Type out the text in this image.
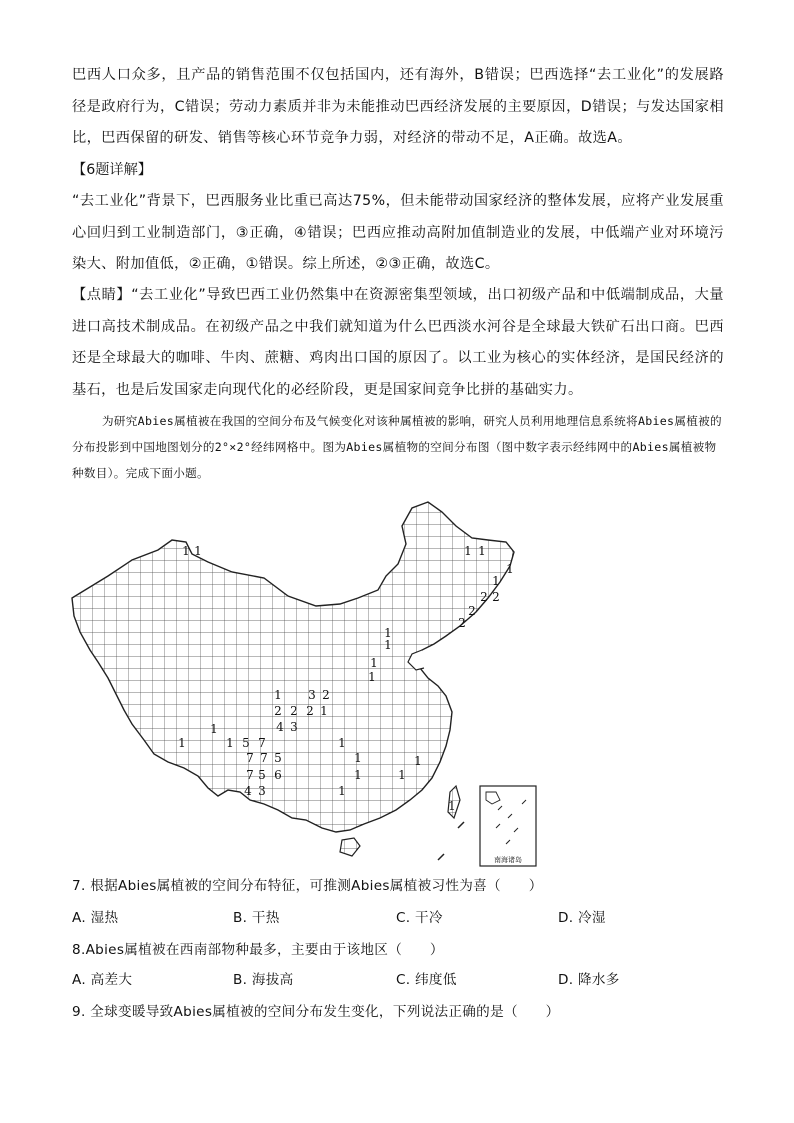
巴西人口众多，且产品的销售范围不仅包括国内，还有海外，B错误；巴西选择“去工业化”的发展路径是政府行为，C错误；劳动力素质并非为未能推动巴西经济发展的主要原因，D错误；与发达国家相比，巴西保留的研发、销售等核心环节竞争力弱，对经济的带动不足，A正确。故选A。
【6题详解】
“去工业化”背景下，巴西服务业比重已高达75%，但未能带动国家经济的整体发展，应将产业发展重心回归到工业制造部门，③正确，④错误；巴西应推动高附加值制造业的发展，中低端产业对环境污染大、附加值低，②正确，①错误。综上所述，②③正确，故选C。
【点睛】“去工业化”导致巴西工业仍然集中在资源密集型领域，出口初级产品和中低端制成品，大量进口高技术制成品。在初级产品之中我们就知道为什么巴西淡水河谷是全球最大铁矿石出口商。巴西还是全球最大的咖啡、牛肉、蔗糖、鸡肉出口国的原因了。以工业为核心的实体经济，是国民经济的基石，也是后发国家走向现代化的必经阶段，更是国家间竞争比拼的基础实力。
为研究Abies属植被在我国的空间分布及气候变化对该种属植被的影响，研究人员利用地理信息系统将Abies属植被的分布投影到中国地图划分的2°×2°经纬网格中。图为Abies属植物的空间分布图（图中数字表示经纬网中的Abies属植被物种数目）。完成下面小题。
南海诸岛
1 1	1 1
1
1
2 2
2
2
1
1
1
1
1 3 2
2 2 2 1
4 3
1
1	1 5 7
7 7 5
1
1
1
1
7 5 6	1
4 3	1
1
7. 根据Abies属植被的空间分布特征，可推测Abies属植被习性为喜（　　）
A. 湿热	B. 干热	C. 干冷	D. 冷湿
8.Abies属植被在西南部物种最多，主要由于该地区（　　）
A. 高差大	B. 海拔高	C. 纬度低	D. 降水多
9. 全球变暖导致Abies属植被的空间分布发生变化，下列说法正确的是（　　）
